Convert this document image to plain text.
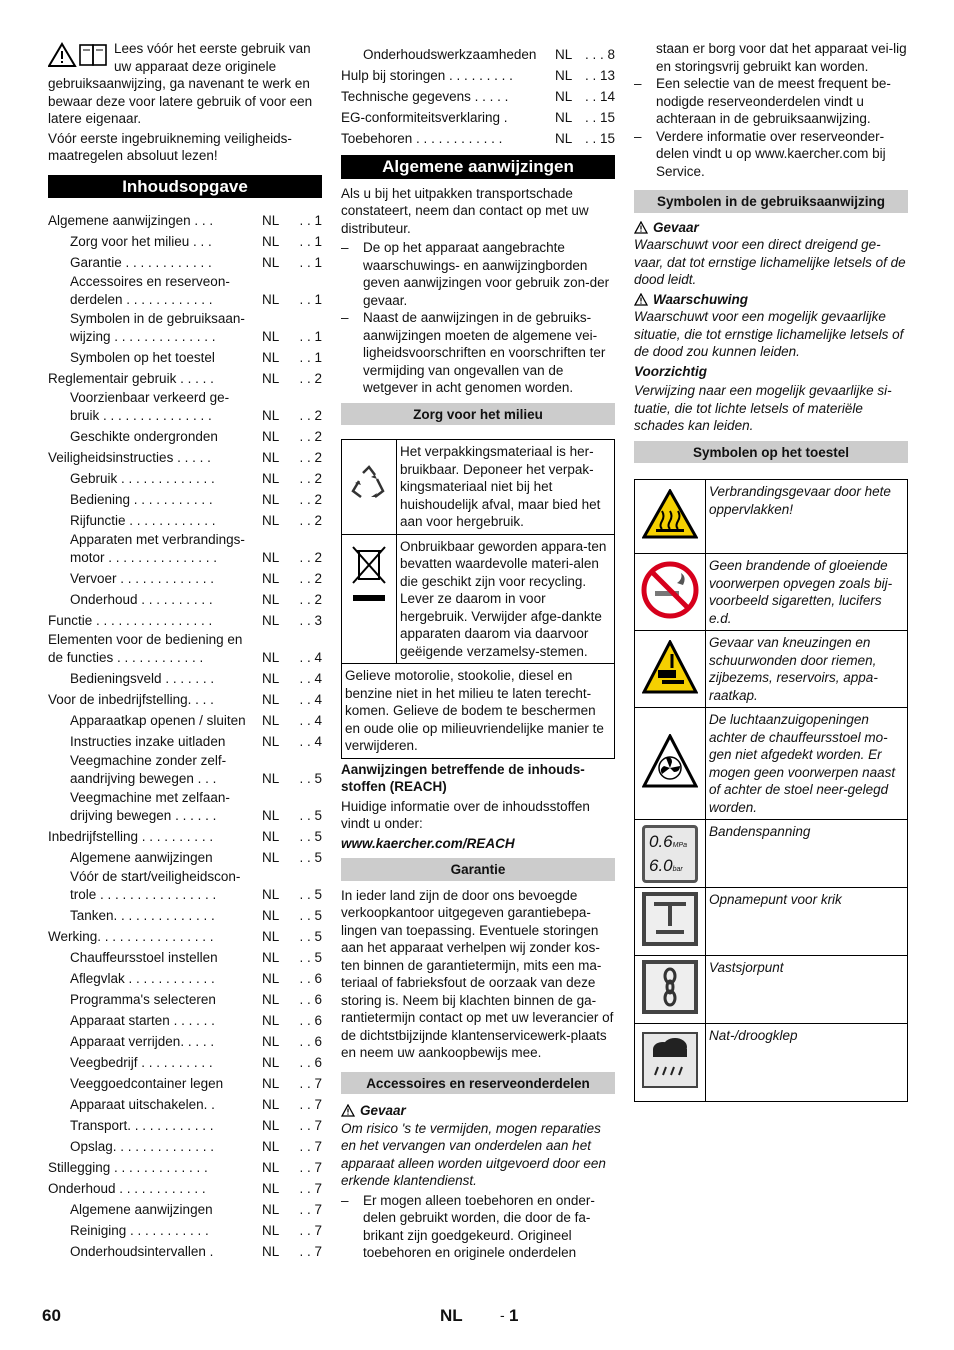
Lees vóór het eerste gebruik van uw apparaat deze originele gebruiksaanwijzing, ga navenant te werk en bewaar deze voor latere gebruik of voor een latere eigenaar.

Vóór eerste ingebruikneming veiligheids-maatregelen absoluut lezen!

Inhoudsopgave
Algemene aanwijzingen . . .	NL	. . 1
Zorg voor het milieu . . .	NL	. . 1
Garantie . . . . . . . . . . . .	NL	. . 1
Accessoires en reserveon-derdelen . . . . . . . . . . . .	NL	. . 1
Symbolen in de gebruiksaan-wijzing . . . . . . . . . . . . . .	NL	. . 1
Symbolen op het toestel	NL	. . 1
Reglementair gebruik . . . . .	NL	. . 2
Voorzienbaar verkeerd ge-bruik . . . . . . . . . . . . . . .	NL	. . 2
Geschikte ondergronden	NL	. . 2
Veiligheidsinstructies . . . . .	NL	. . 2
Gebruik . . . . . . . . . . . . .	NL	. . 2
Bediening . . . . . . . . . . .	NL	. . 2
Rijfunctie . . . . . . . . . . . .	NL	. . 2
Apparaten met verbrandings-motor . . . . . . . . . . . . . . .	NL	. . 2
Vervoer . . . . . . . . . . . . .	NL	. . 2
Onderhoud . . . . . . . . . .	NL	. . 2
Functie . . . . . . . . . . . . . . . .	NL	. . 3
Elementen voor de bediening en de functies . . . . . . . . . . . .	NL	. . 4
Bedieningsveld . . . . . . .	NL	. . 4
Voor de inbedrijfstelling. . . .	NL	. . 4
Apparaatkap openen / sluiten	NL	. . 4
Instructies inzake uitladen	NL	. . 4
Veegmachine zonder zelf-aandrijving bewegen . . .	NL	. . 5
Veegmachine met zelfaan-drijving bewegen . . . . . .	NL	. . 5
Inbedrijfstelling . . . . . . . . . .	NL	. . 5
Algemene aanwijzingen	NL	. . 5
Vóór de start/veiligheidscon-trole . . . . . . . . . . . . . . . .	NL	. . 5
Tanken. . . . . . . . . . . . . .	NL	. . 5
Werking. . . . . . . . . . . . . . . .	NL	. . 5
Chauffeursstoel instellen	NL	. . 5
Aflegvlak . . . . . . . . . . . .	NL	. . 6
Programma's selecteren	NL	. . 6
Apparaat starten . . . . . .	NL	. . 6
Apparaat verrijden. . . . .	NL	. . 6
Veegbedrijf . . . . . . . . . .	NL	. . 6
Veeggoedcontainer legen	NL	. . 7
Apparaat uitschakelen. .	NL	. . 7
Transport. . . . . . . . . . . .	NL	. . 7
Opslag. . . . . . . . . . . . . .	NL	. . 7
Stillegging . . . . . . . . . . . . .	NL	. . 7
Onderhoud . . . . . . . . . . . .	NL	. . 7
Algemene aanwijzingen	NL	. . 7
Reiniging . . . . . . . . . . .	NL	. . 7
Onderhoudsintervallen .	NL	. . 7
Onderhoudswerkzaamheden	NL . . . 8
Hulp bij storingen . . . . . . . . .	NL . . 13
Technische gegevens . . . . .	NL . . 14
EG-conformiteitsverklaring .	NL . . 15
Toebehoren . . . . . . . . . . . .	NL . . 15
Algemene aanwijzingen

Als u bij het uitpakken transportschade constateert, neem dan contact op met uw distributeur.

–	De op het apparaat aangebrachte waarschuwings- en aanwijzingborden geven aanwijzingen voor gebruik zon-der gevaar.
–	Naast de aanwijzingen in de gebruiks-aanwijzingen moeten de algemene vei-ligheidsvoorschriften en voorschriften ter vermijding van ongevallen van de wetgever in acht genomen worden.
Zorg voor het milieu
	Het verpakkingsmateriaal is her-bruikbaar. Deponeer het verpak-kingsmateriaal niet bij het huishoudelijk afval, maar bied het aan voor hergebruik.
	Onbruikbaar geworden appara-ten bevatten waardevolle materi-alen die geschikt zijn voor recycling. Lever ze daarom in voor hergebruik. Verwijder afge-dankte apparaten daarom via daarvoor geëigende verzamelsy-stemen.
Gelieve motorolie, stookolie, diesel en benzine niet in het milieu te laten terecht-komen. Gelieve de bodem te beschermen en oude olie op milieuvriendelijke manier te verwijderen.	

Aanwijzingen betreffende de inhouds-stoffen (REACH)

Huidige informatie over de inhoudsstoffen vindt u onder:

www.kaercher.com/REACH

Garantie

In ieder land zijn de door ons bevoegde verkoopkantoor uitgegeven garantiebepa-lingen van toepassing. Eventuele storingen aan het apparaat verhelpen wij zonder kos-ten binnen de garantietermijn, mits een ma-teriaal of fabrieksfout de oorzaak van deze storing is. Neem bij klachten binnen de ga-rantietermijn contact op met uw leverancier of de dichtstbijzijnde klantenservicewerk-plaats en neem uw aankoopbewijs mee.

Accessoires en reserveonderdelen
Gevaar

Om risico 's te vermijden, mogen reparaties en het vervangen van onderdelen aan het apparaat alleen worden uitgevoerd door een erkende klantendienst.

–	Er mogen alleen toebehoren en onder-delen gebruikt worden, die door de fa-brikant zijn goedgekeurd. Origineel toebehoren en originele onderdelen
staan er borg voor dat het apparaat vei-lig en storingsvrij gebruikt kan worden.
–	Een selectie van de meest frequent be-nodigde reserveonderdelen vindt u achteraan in de gebruiksaanwijzing.
–	Verdere informatie over reserveonder-delen vindt u op www.kaercher.com bij Service.
Symbolen in de gebruiksaanwijzing
Gevaar

Waarschuwt voor een direct dreigend ge-vaar, dat tot ernstige lichamelijke letsels of de dood leidt.

Waarschuwing

Waarschuwt voor een mogelijk gevaarlijke situatie, die tot ernstige lichamelijke letsels of de dood zou kunnen leiden.

Voorzichtig

Verwijzing naar een mogelijk gevaarlijke si-tuatie, die tot lichte letsels of materiële schades kan leiden.

Symbolen op het toestel
	Verbrandingsgevaar door hete oppervlakken!
	Geen brandende of gloeiende voorwerpen opvegen zoals bij-voorbeeld sigaretten, lucifers e.d.
	Gevaar van kneuzingen en schuurwonden door riemen, zijbezems, reservoirs, appa-raatkap.
	De luchtaanzuigopeningen achter de chauffeursstoel mo-gen niet afgedekt worden. Er mogen geen voorwerpen naast of achter de stoel neer-gelegd worden.

0.6MPa
6.0bar	Bandenspanning
	Opnamepunt voor krik
	Vastsjorpunt
	Nat-/droogklep
60	NL	- 1
